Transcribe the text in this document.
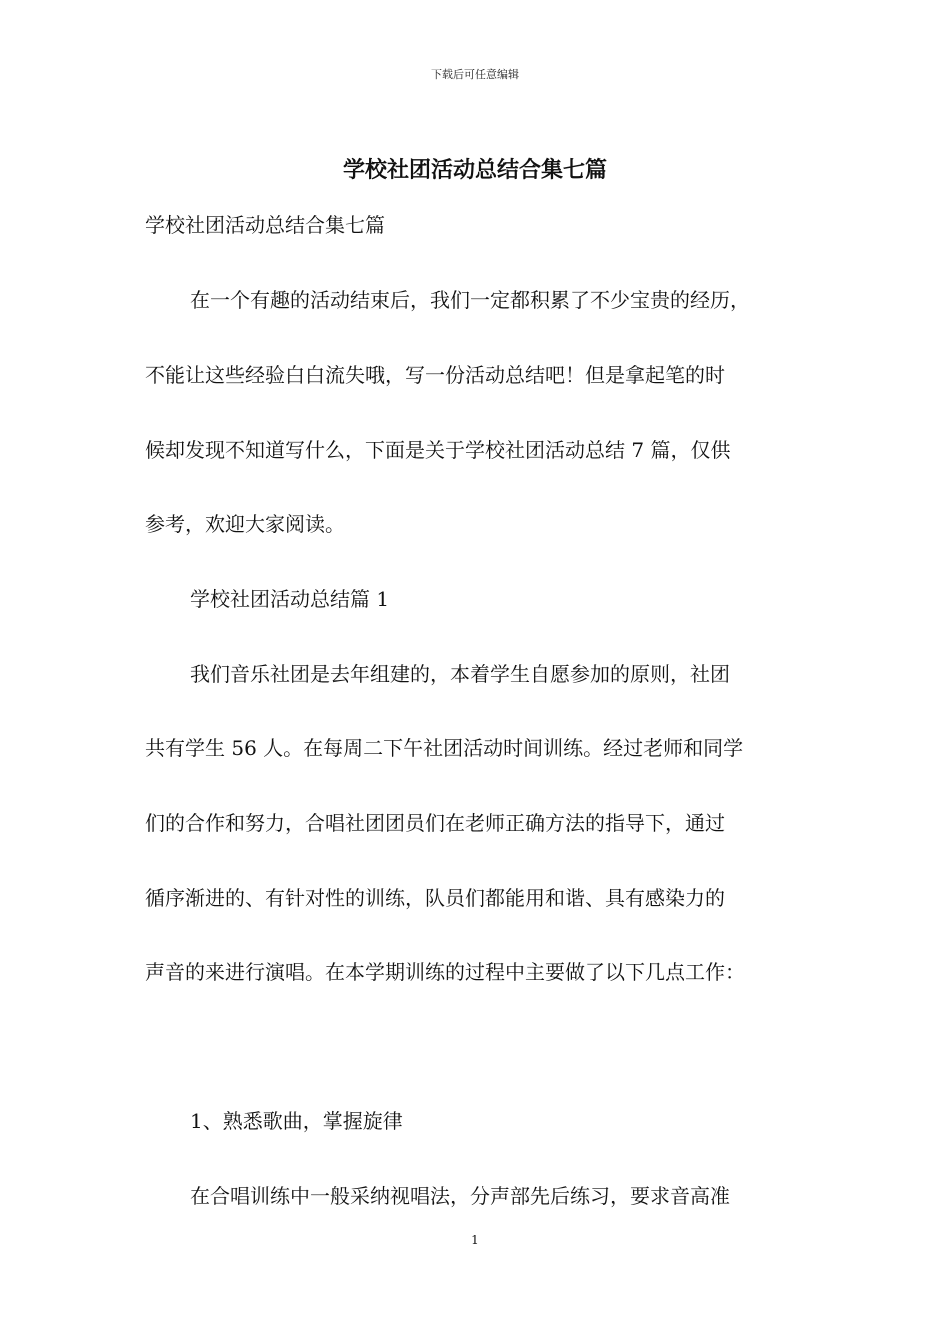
下载后可任意编辑
学校社团活动总结合集七篇

学校社团活动总结合集七篇

在一个有趣的活动结束后，我们一定都积累了不少宝贵的经历，

不能让这些经验白白流失哦，写一份活动总结吧！但是拿起笔的时

候却发现不知道写什么，下面是关于学校社团活动总结 7 篇，仅供

参考，欢迎大家阅读。

学校社团活动总结篇 1

我们音乐社团是去年组建的，本着学生自愿参加的原则，社团

共有学生 56 人。在每周二下午社团活动时间训练。经过老师和同学

们的合作和努力，合唱社团团员们在老师正确方法的指导下，通过

循序渐进的、有针对性的训练，队员们都能用和谐、具有感染力的

声音的来进行演唱。在本学期训练的过程中主要做了以下几点工作：

1、熟悉歌曲，掌握旋律

在合唱训练中一般采纳视唱法，分声部先后练习，要求音高准

1
